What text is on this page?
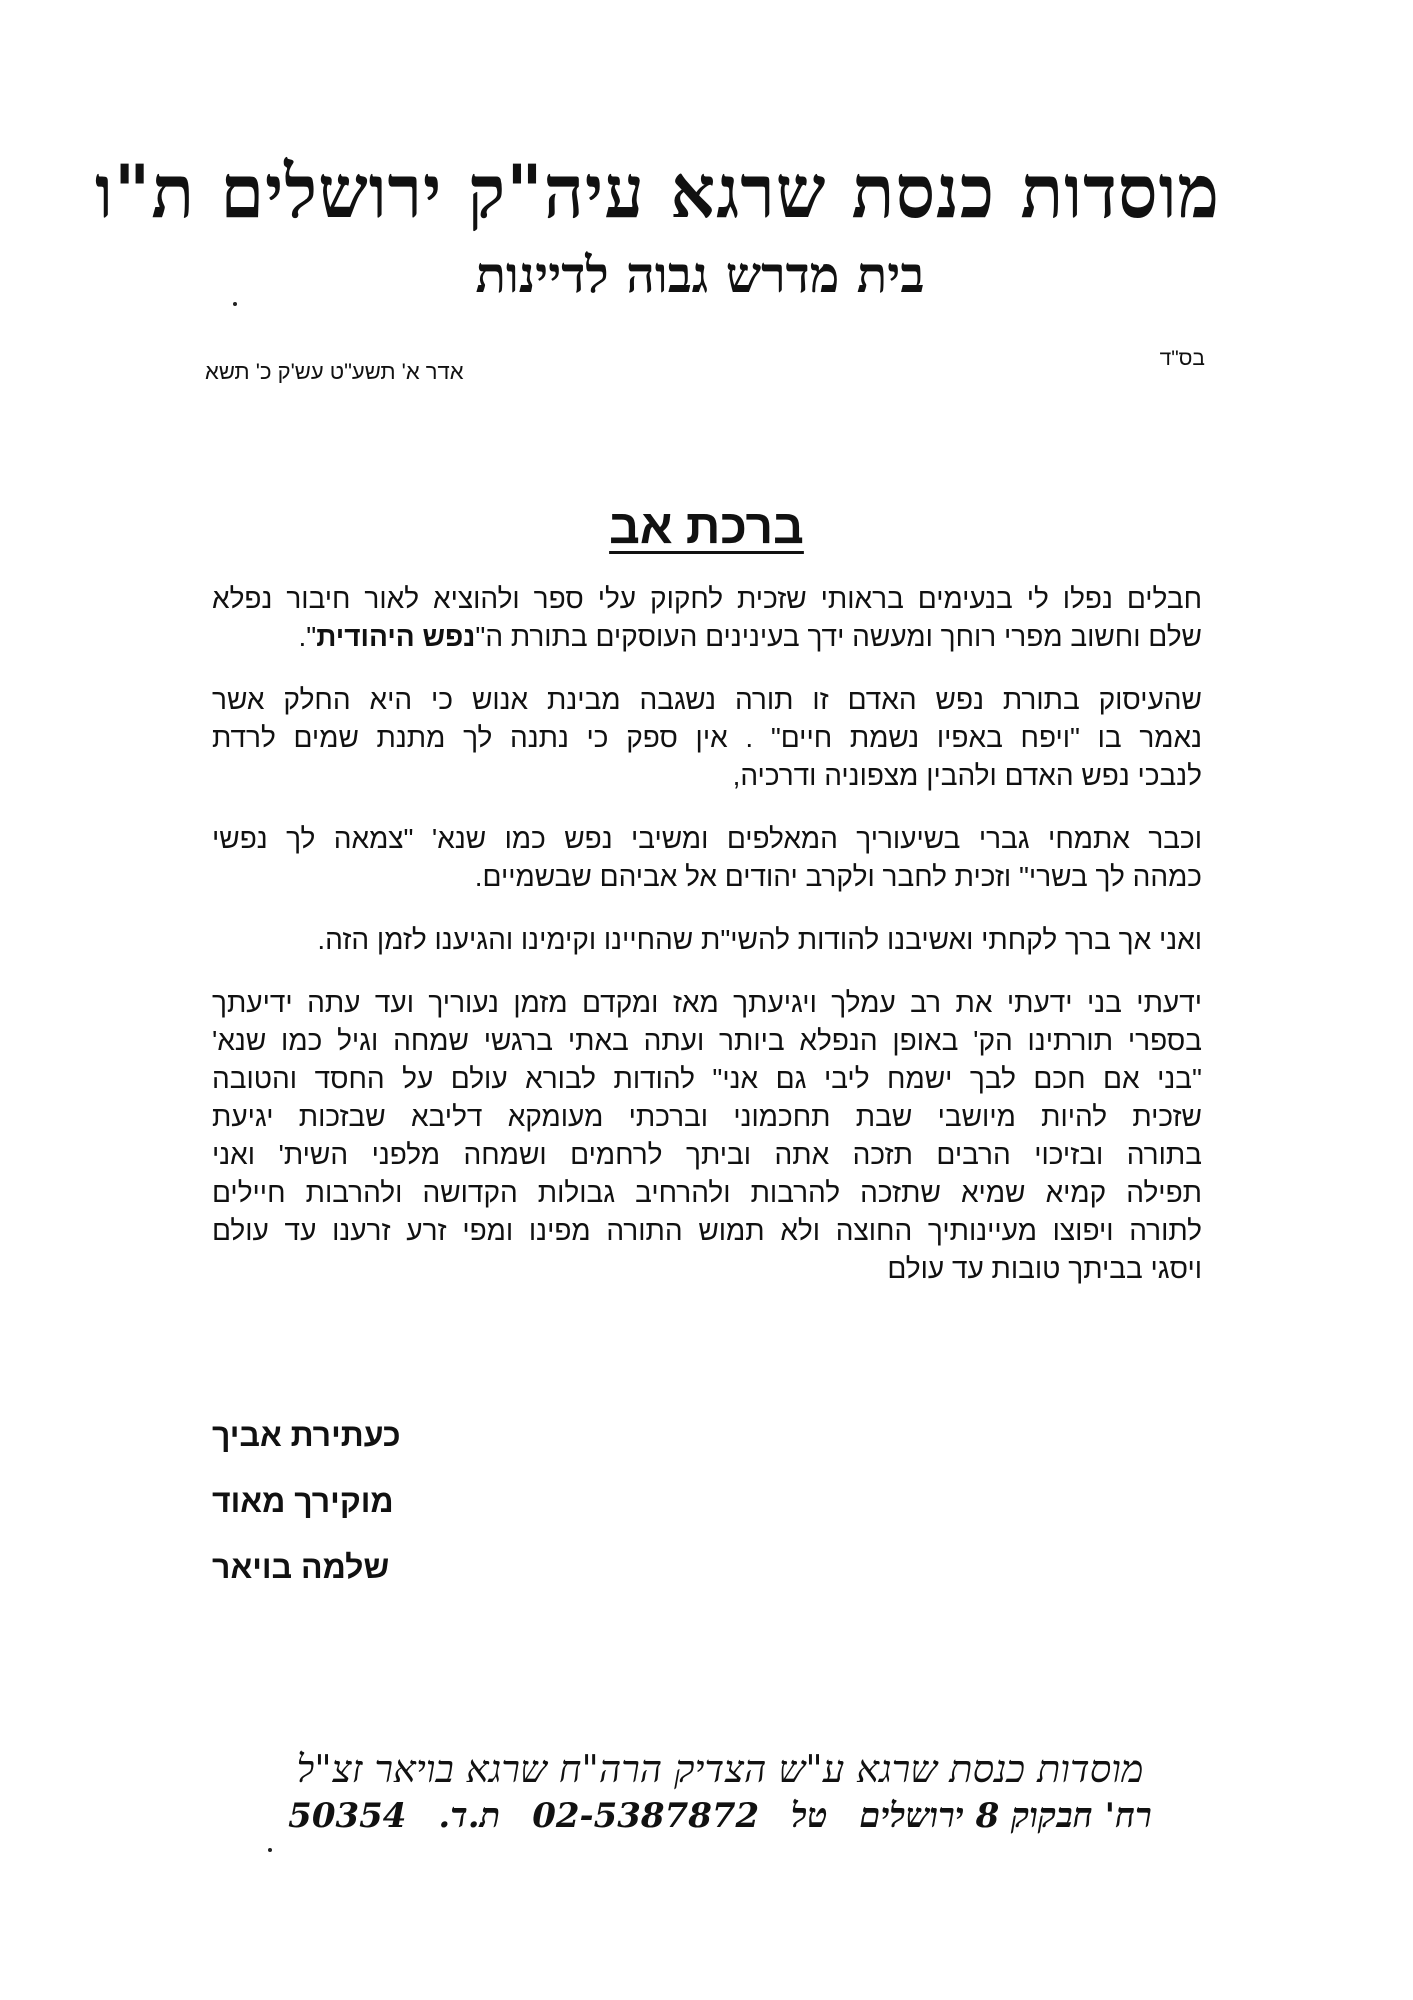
מוסדות כנסת שרגא עיה"ק ירושלים ת"ו
בית מדרש גבוה לדיינות
בס"ד
אדר א' תשע"ט עש'ק כ' תשא
ברכת אב

חבלים נפלו לי בנעימים בראותי שזכית לחקוק עלי ספר ולהוציא לאור חיבור נפלא
שלם וחשוב מפרי רוחך ומעשה ידך בעינינים העוסקים בתורת ה"נפש היהודית".

שהעיסוק בתורת נפש האדם זו תורה נשגבה מבינת אנוש כי היא החלק אשר
נאמר בו "ויפח באפיו נשמת חיים" . אין ספק כי נתנה לך מתנת שמים לרדת
לנבכי נפש האדם ולהבין מצפוניה ודרכיה,

וכבר אתמחי גברי בשיעוריך המאלפים ומשיבי נפש כמו שנא' "צמאה לך נפשי
כמהה לך בשרי" וזכית לחבר ולקרב יהודים אל אביהם שבשמיים.

ואני אך ברך לקחתי ואשיבנו להודות להשי"ת שהחיינו וקימינו והגיענו לזמן הזה.

ידעתי בני ידעתי את רב עמלך ויגיעתך מאז ומקדם מזמן נעוריך ועד עתה ידיעתך
בספרי תורתינו הק' באופן הנפלא ביותר ועתה באתי ברגשי שמחה וגיל כמו שנא'
"בני אם חכם לבך ישמח ליבי גם אני" להודות לבורא עולם על החסד והטובה
שזכית להיות מיושבי שבת תחכמוני וברכתי מעומקא דליבא שבזכות יגיעת
בתורה ובזיכוי הרבים תזכה אתה וביתך לרחמים ושמחה מלפני השית' ואני
תפילה קמיא שמיא שתזכה להרבות ולהרחיב גבולות הקדושה ולהרבות חיילים
לתורה ויפוצו מעיינותיך החוצה ולא תמוש התורה מפינו ומפי זרע זרענו עד עולם
ויסגי בביתך טובות עד עולם

כעתירת אביך
מוקירך מאוד
שלמה בויאר
מוסדות כנסת שרגא ע"ש הצדיק הרה"ח שרגא בויאר זצ"ל
רח' חבקוק 8 ירושלים טל 02-5387872 ת.ד. 50354
